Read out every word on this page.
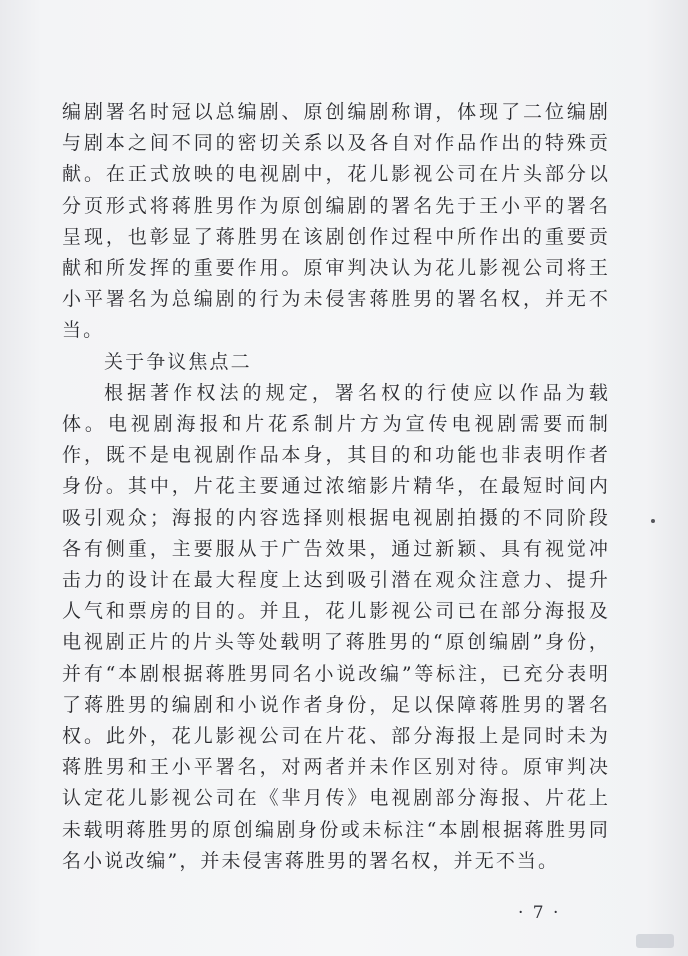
编剧署名时冠以总编剧、原创编剧称谓，体现了二位编剧与剧本之间不同的密切关系以及各自对作品作出的特殊贡献。在正式放映的电视剧中，花儿影视公司在片头部分以分页形式将蒋胜男作为原创编剧的署名先于王小平的署名呈现，也彰显了蒋胜男在该剧创作过程中所作出的重要贡献和所发挥的重要作用。原审判决认为花儿影视公司将王小平署名为总编剧的行为未侵害蒋胜男的署名权，并无不当。

关于争议焦点二

根据著作权法的规定，署名权的行使应以作品为载体。电视剧海报和片花系制片方为宣传电视剧需要而制作，既不是电视剧作品本身，其目的和功能也非表明作者身份。其中，片花主要通过浓缩影片精华，在最短时间内吸引观众；海报的内容选择则根据电视剧拍摄的不同阶段各有侧重，主要服从于广告效果，通过新颖、具有视觉冲击力的设计在最大程度上达到吸引潜在观众注意力、提升人气和票房的目的。并且，花儿影视公司已在部分海报及电视剧正片的片头等处载明了蒋胜男的“原创编剧”身份，并有“本剧根据蒋胜男同名小说改编”等标注，已充分表明了蒋胜男的编剧和小说作者身份，足以保障蒋胜男的署名权。此外，花儿影视公司在片花、部分海报上是同时未为蒋胜男和王小平署名，对两者并未作区别对待。原审判决认定花儿影视公司在《芈月传》电视剧部分海报、片花上未载明蒋胜男的原创编剧身份或未标注“本剧根据蒋胜男同名小说改编”，并未侵害蒋胜男的署名权，并无不当。

· 7 ·
